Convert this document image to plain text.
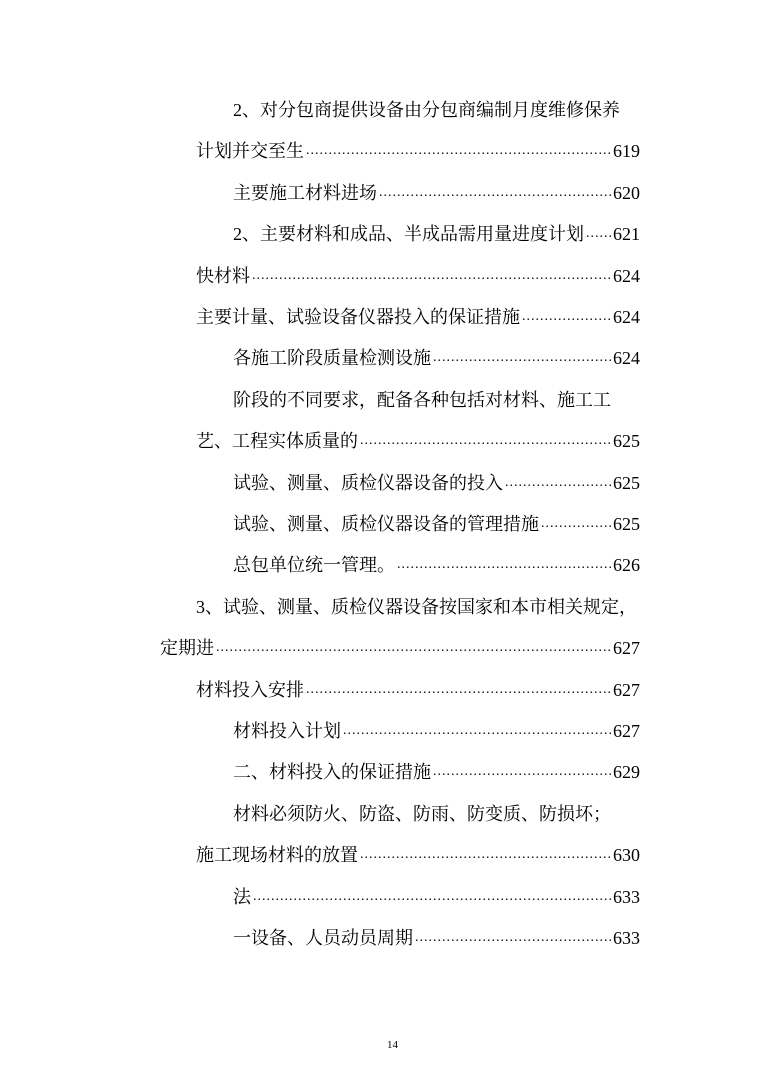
2、对分包商提供设备由分包商编制月度维修保养
计划并交至生 .....	619
主要施工材料进场 .....	620
2、主要材料和成品、半成品需用量进度计划 ..... 621
快材料 .....	624
主要计量、试验设备仪器投入的保证措施 .....	624
各施工阶段质量检测设施 .....	624
阶段的不同要求，配备各种包括对材料、施工工
艺、工程实体质量的 .....	625
试验、测量、质检仪器设备的投入 .....	625
试验、测量、质检仪器设备的管理措施 .....	625
总包单位统一管理。 .....	626
3、试验、测量、质检仪器设备按国家和本市相关规定，
定期进 .....	627
材料投入安排 .....	627
材料投入计划 .....	627
二、材料投入的保证措施 .....	629
材料必须防火、防盗、防雨、防变质、防损坏；
施工现场材料的放置 .....	630
法 .....	633
一设备、人员动员周期 .....	633
14
